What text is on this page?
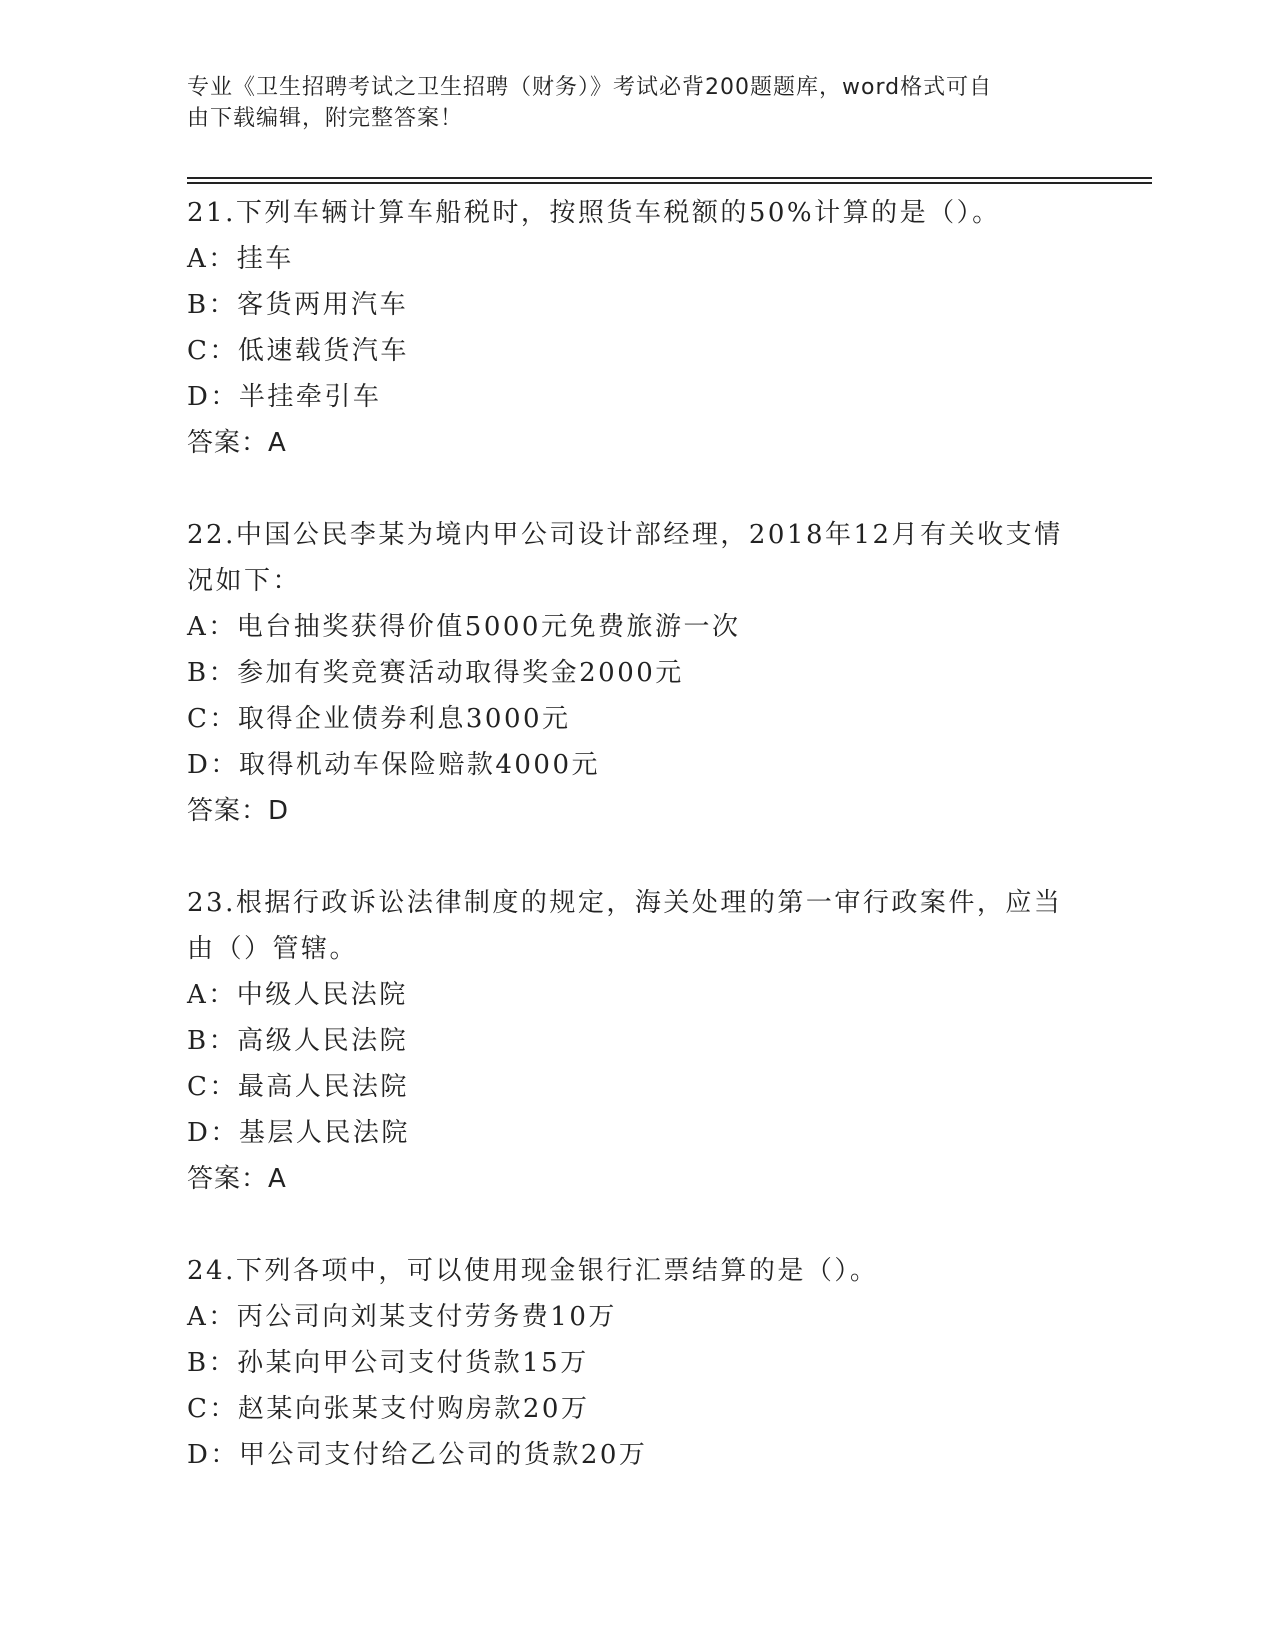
专业《卫生招聘考试之卫生招聘（财务）》考试必背200题题库，word格式可自
由下载编辑，附完整答案！
21.下列车辆计算车船税时，按照货车税额的50%计算的是（）。
A：挂车
B：客货两用汽车
C：低速载货汽车
D：半挂牵引车
答案：A
22.中国公民李某为境内甲公司设计部经理，2018年12月有关收支情况如下：
A：电台抽奖获得价值5000元免费旅游一次
B：参加有奖竞赛活动取得奖金2000元
C：取得企业债券利息3000元
D：取得机动车保险赔款4000元
答案：D
23.根据行政诉讼法律制度的规定，海关处理的第一审行政案件，应当由（）管辖。
A：中级人民法院
B：高级人民法院
C：最高人民法院
D：基层人民法院
答案：A
24.下列各项中，可以使用现金银行汇票结算的是（）。
A：丙公司向刘某支付劳务费10万
B：孙某向甲公司支付货款15万
C：赵某向张某支付购房款20万
D：甲公司支付给乙公司的货款20万
